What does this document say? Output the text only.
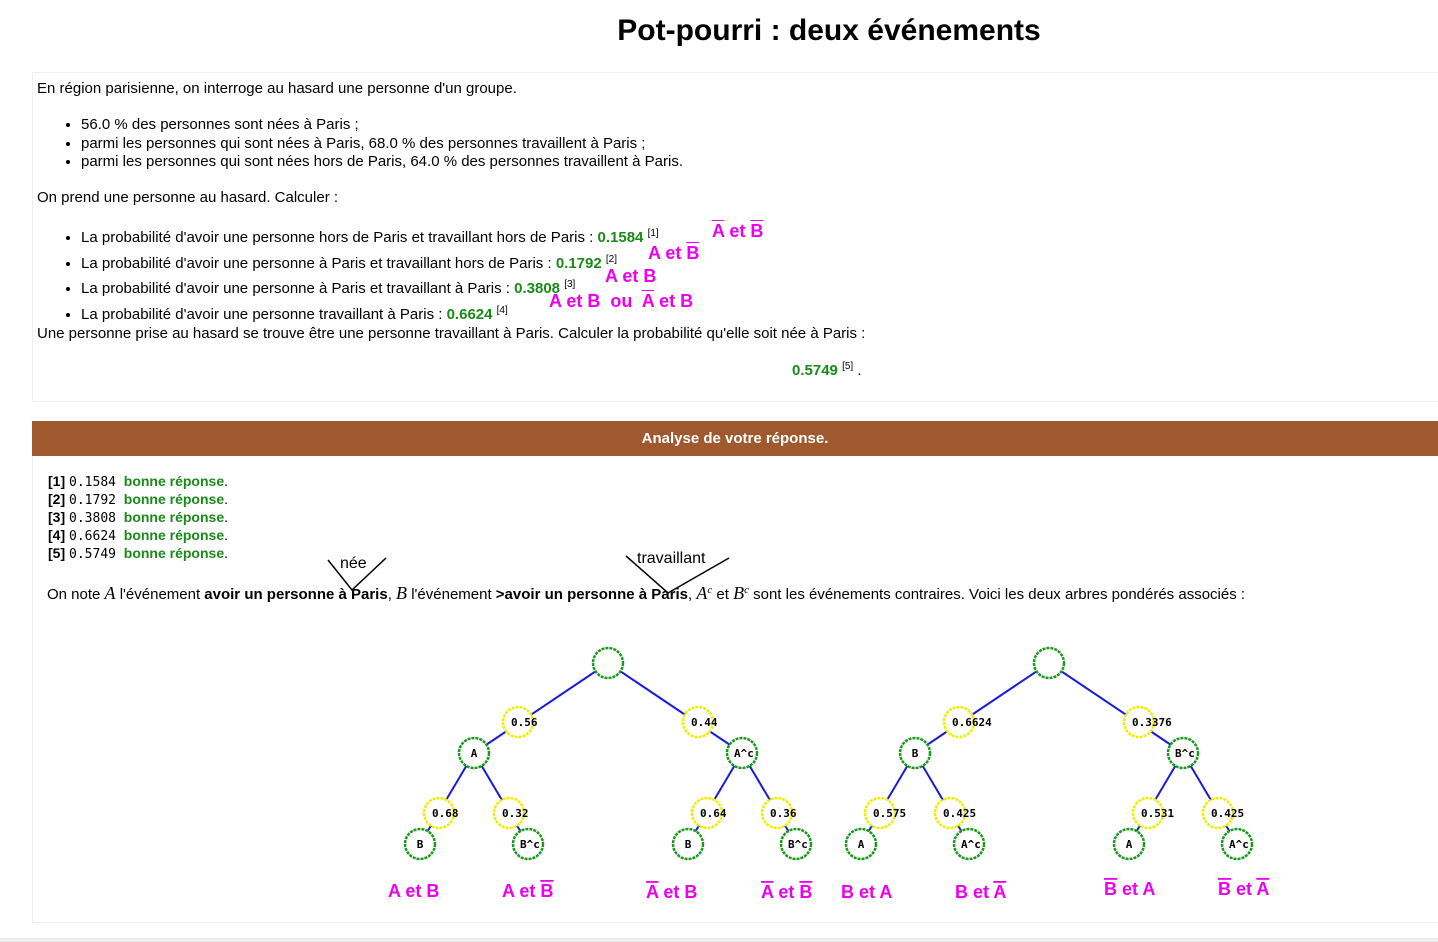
Pot-pourri : deux événements
En région parisienne, on interroge au hasard une personne d'un groupe.
• 56.0 % des personnes sont nées à Paris ;
• parmi les personnes qui sont nées à Paris, 68.0 % des personnes travaillent à Paris ;
• parmi les personnes qui sont nées hors de Paris, 64.0 % des personnes travaillent à Paris.
On prend une personne au hasard. Calculer :
• La probabilité d'avoir une personne hors de Paris et travaillant hors de Paris : 0.1584 [1]
• La probabilité d'avoir une personne à Paris et travaillant hors de Paris : 0.1792 [2]
• La probabilité d'avoir une personne à Paris et travaillant à Paris : 0.3808 [3]
• La probabilité d'avoir une personne travaillant à Paris : 0.6624 [4]
$\overline{A}$ et $\overline{B}$
A et $\overline{B}$
A et B
A et B ou $\overline{A}$ et B
Une personne prise au hasard se trouve être une personne travaillant à Paris. Calculer la probabilité qu'elle soit née à Paris :
0.5749 [5] .
Analyse de votre réponse.
[1] 0.1584 bonne réponse.
[2] 0.1792 bonne réponse.
[3] 0.3808 bonne réponse.
[4] 0.6624 bonne réponse.
[5] 0.5749 bonne réponse.
On note A l'événement avoir un personne à Paris, B l'événement >avoir un personne à Paris, $A^c$ et $B^c$ sont les événements contraires. Voici les deux arbres pondérés associés :
née	travaillant
0.56
A
0.44
A^c
0.68
B
0.32
B^c
0.64
B
0.36
B^c
0.6624
B
0.3376
B^c
0.575
A
0.425
A^c
0.531
A
0.425
A^c
A et B	A et B	A et B	A et B B et A	B et A	B et A	B et A
